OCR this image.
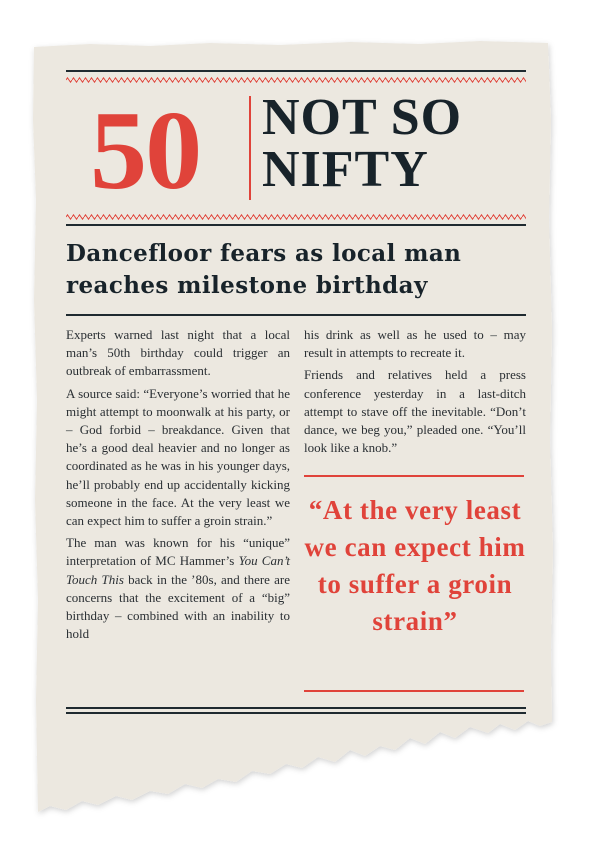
50	NOT SO
NIFTY
Dancefloor fears as local man reaches milestone birthday

Experts warned last night that a local man’s 50th birthday could trigger an outbreak of embarrassment.

A source said: “Everyone’s worried that he might attempt to moonwalk at his party, or – God forbid – breakdance. Given that he’s a good deal heavier and no longer as coordinated as he was in his younger days, he’ll probably end up accidentally kicking someone in the face. At the very least we can expect him to suffer a groin strain.”

The man was known for his “unique” interpretation of MC Hammer’s You Can’t Touch This back in the ’80s, and there are concerns that the excitement of a “big” birthday – combined with an inability to hold

his drink as well as he used to – may result in attempts to recreate it.

Friends and relatives held a press conference yesterday in a last-ditch attempt to stave off the inevitable. “Don’t dance, we beg you,” pleaded one. “You’ll look like a knob.”

“At the very least we can expect him to suffer a groin strain”
